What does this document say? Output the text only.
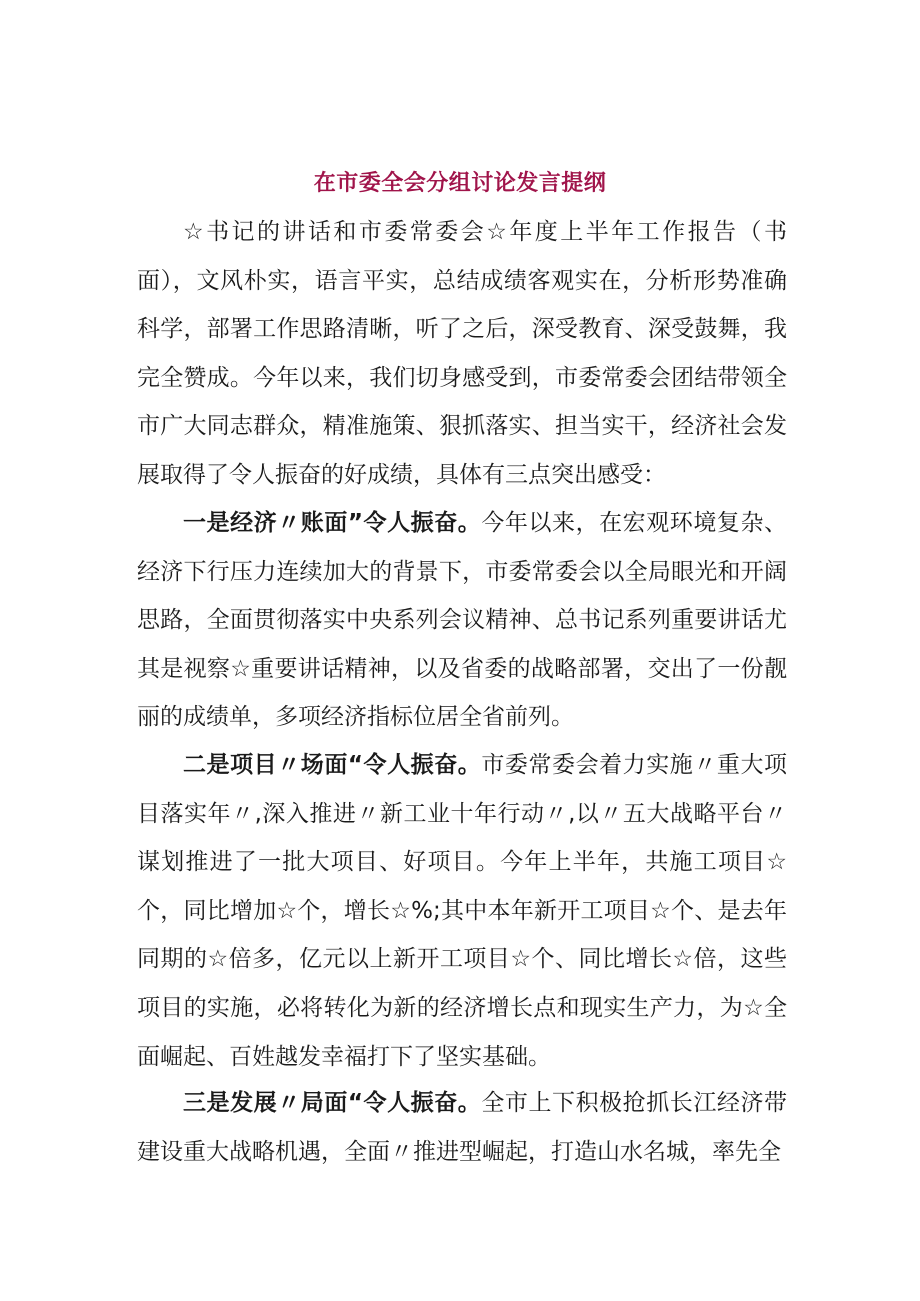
在市委全会分组讨论发言提纲

☆书记的讲话和市委常委会☆年度上半年工作报告（书面），文风朴实，语言平实，总结成绩客观实在，分析形势准确科学，部署工作思路清晰，听了之后，深受教育、深受鼓舞，我完全赞成。今年以来，我们切身感受到，市委常委会团结带领全市广大同志群众，精准施策、狠抓落实、担当实干，经济社会发展取得了令人振奋的好成绩，具体有三点突出感受：

一是经济〃账面”令人振奋。今年以来，在宏观环境复杂、经济下行压力连续加大的背景下，市委常委会以全局眼光和开阔思路，全面贯彻落实中央系列会议精神、总书记系列重要讲话尤其是视察☆重要讲话精神，以及省委的战略部署，交出了一份靓丽的成绩单，多项经济指标位居全省前列。

二是项目〃场面“令人振奋。市委常委会着力实施〃重大项目落实年〃,深入推进〃新工业十年行动〃,以〃五大战略平台〃谋划推进了一批大项目、好项目。今年上半年，共施工项目☆个，同比增加☆个，增长☆%;其中本年新开工项目☆个、是去年同期的☆倍多，亿元以上新开工项目☆个、同比增长☆倍，这些项目的实施，必将转化为新的经济增长点和现实生产力，为☆全面崛起、百姓越发幸福打下了坚实基础。

三是发展〃局面“令人振奋。全市上下积极抢抓长江经济带建设重大战略机遇，全面〃推进型崛起，打造山水名城，率先全
